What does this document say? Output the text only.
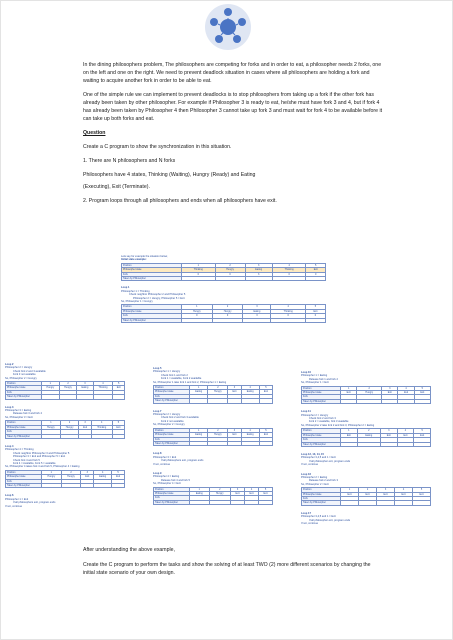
In the dining philosophers problem, The philosophers are competing for forks and in order to eat, a philosopher needs 2 forks, one on the left and one on the right. We need to prevent deadlock situation in cases where all philosophers are holding a fork and waiting to acquire another fork in order to be able to eat.

One of the simple rule we can implement to prevent deadlocks is to stop philosophers from taking up a fork if the other fork has already been taken by other philosopher. For example if Philosopher 3 is ready to eat, he/she must have fork 3 and 4, but if fork 4 has already been taken by Philosopher 4 then Philosopher 3 cannot take up fork 3 and must wait for fork 4 to be available before it can take up both forks and eat.

Question

Create a C program to show the synchronization in this situation.

1. There are N philosophers and N forks

Philosophers have 4 states, Thinking (Waiting), Hungry (Ready) and Eating

(Executing), Exit (Terminate).

2. Program loops through all philosophers and ends when all philosophers have exit.

Lets say for example the situation below,
Initial state example:
Position	1	2	3	4	5
Philosopher state	Thinking	Hungry	Eating	Thinking	Exit
Fork	0	0	3	0	0
Taken by Philosopher					
Loop 1
Philosopher 1 = Thinking
Check neighbor Philosopher 2 and Philosopher 5
Philosopher 2 = Hungry, Philosopher 5 = Exit
So, Philosopher 1 = Hungry
Position	1	2	3	4	5
Philosopher state	Hungry	Hungry	Eating	Thinking	Exit
Fork	0	0	3	0	0
Taken by Philosopher					
Loop 2
Philosopher 2 = Hungry
Check fork 2 and 3 available
Fork 3 not available
So, Philosopher 2 = Hungry
Position	1	2	3	4	5
Philosopher state	Hungry	Hungry	Eating	Thinking	Exit
Fork					
Taken by Philosopher					
Loop 3
Philosopher 3 = Eating
Release fork 3 and fork 4
So, Philosopher 3 = Exit
Position	1	2	3	4	5
Philosopher state	Hungry	Hungry	Exit	Thinking	Exit
Fork					
Taken by Philosopher					
Loop 4
Philosopher 4 = Thinking
Check neighbor Philosopher 3 and Philosopher 5
Philosopher 3 = Exit and Philosopher 5 = Exit
Check fork 4 and fork 5
Fork 4 = Available, Fork 5 = available
So, Philosopher 4 takes fork 4 and fork 5, Philosopher 4 = Eating
Position	1	2	3	4	5
Philosopher state	Hungry	Hungry	Exit	Eating	Exit
Fork					
Taken by Philosopher					
Loop 6
Philosopher 1 = Exit
If all philosophers exit, program ends
If not, continue
Loop 5
Philosopher 1 = Hungry
Check fork 1 and fork 2
Fork 1 = available, Fork 2 available
So, Philosopher 1 take fork 1 and fork 2, Philosopher 1 = Eating
Position	1	2	3	4	5
Philosopher state	Eating	Hungry	Exit	Eating	Exit
Fork					
Taken by Philosopher					
Loop 7
Philosopher 2 = Hungry
Check fork 2 and fork 3 available
Fork 2 not available
So, Philosopher 2 = Hungry
Position	1	2	3	4	5
Philosopher state	Eating	Hungry	Exit	Eating	Exit
Fork					
Taken by Philosopher					
Loop 8
Philosopher 3 = Exit
If all philosophers exit, program ends
If not, continue
Loop 9
Philosopher 4 = Eating
Release fork 4 and fork 5
So, Philosopher 4 = Exit
Position	1	2	3	4	5
Philosopher state	Eating	Hungry	Exit	Exit	Exit
Fork					
Taken by Philosopher					
Loop 10
Philosopher 1 = Eating
Release fork 1 and fork 2
So, Philosopher 1 = Exit
Position	1	2	3	4	5
Philosopher state	Exit	Hungry	Exit	Exit	Exit
Fork					
Taken by Philosopher					
Loop 11
Philosopher 2 = Hungry
Check fork 2 and fork 3
Fork 2 = available, fork 3 available
So, Philosopher 2 take fork 2 and fork 3, Philosopher 2 = Eating
Position	1	2	3	4	5
Philosopher state	Exit	Eating	Exit	Exit	Exit
Fork					
Taken by Philosopher					
Loop 12, 13, 14, 15
Philosopher 3,4,5 and 1 = Exit
If all philosopher exit, program ends
If not, continue
Loop 16
Philosopher 2 = Eating
Release fork 2 and fork 3
So, Philosopher 2 = Exit
Position	1	2	3	4	5
Philosopher state	Exit	Exit	Exit	Exit	Exit
Fork					
Taken by Philosopher					
Loop 17
Philosopher 3,4,5 and 1 = Exit
If all philosopher exit, program ends
If not, continue

After understanding the above example,

Create the C program to perform the tasks and show the solving of at least TWO (2) more different scenarios by changing the initial state scenario of your own design.
